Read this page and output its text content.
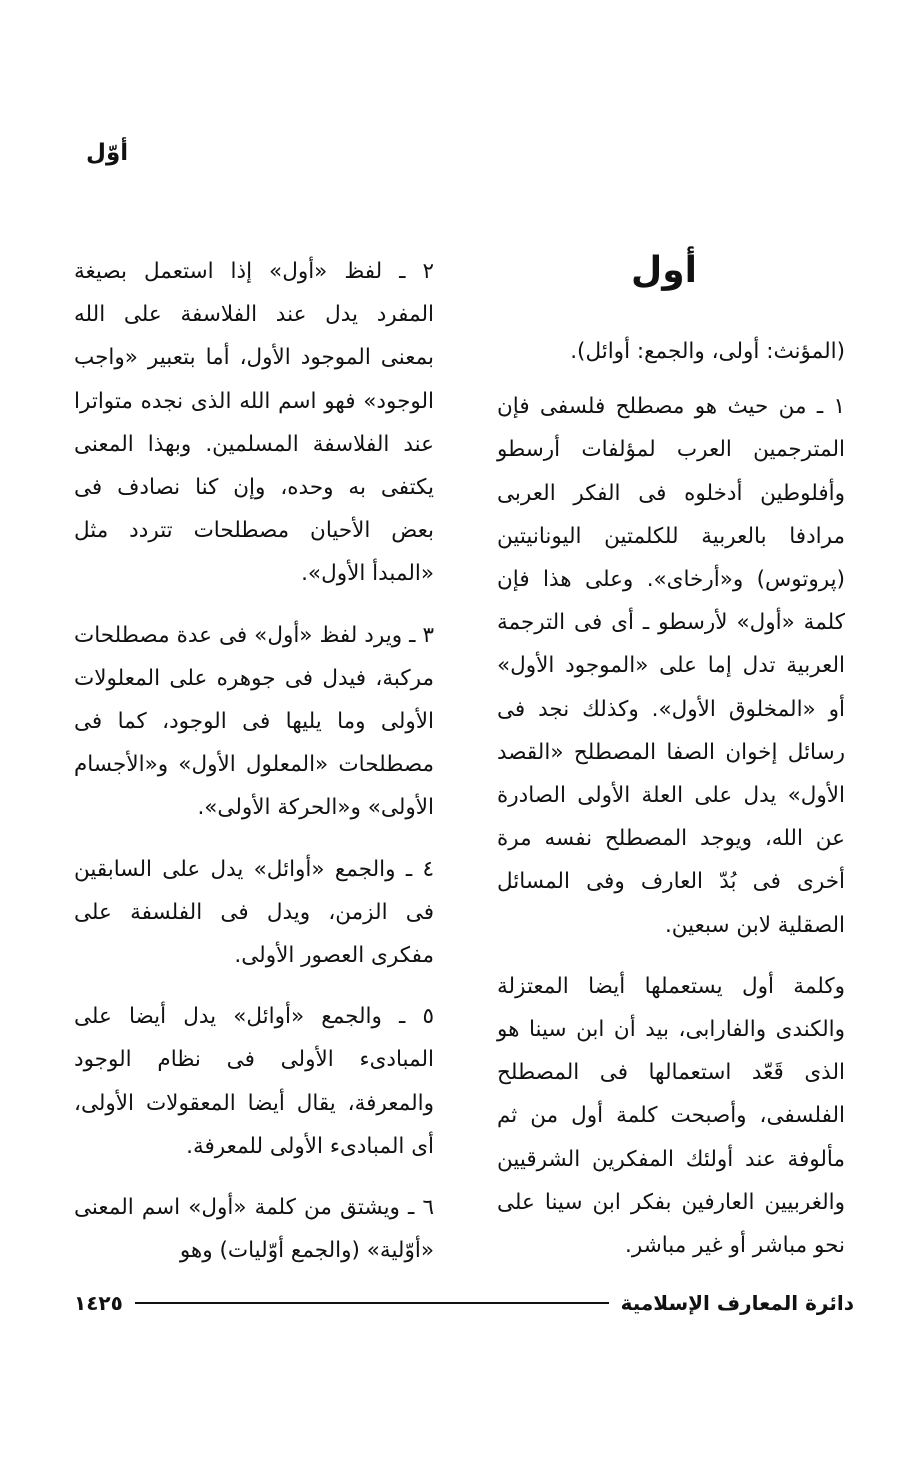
أوّل
أول

(المؤنث: أولى، والجمع: أوائل).

١ ـ من حيث هو مصطلح فلسفى فإن المترجمين العرب لمؤلفات أرسطو وأفلوطين أدخلوه فى الفكر العربى مرادفا بالعربية للكلمتين اليونانيتين (پروتوس) و«أرخاى». وعلى هذا فإن كلمة «أول» لأرسطو ـ أى فى الترجمة العربية تدل إما على «الموجود الأول» أو «المخلوق الأول». وكذلك نجد فى رسائل إخوان الصفا المصطلح «القصد الأول» يدل على العلة الأولى الصادرة عن الله، ويوجد المصطلح نفسه مرة أخرى فى بُدّ العارف وفى المسائل الصقلية لابن سبعين.

وكلمة أول يستعملها أيضا المعتزلة والكندى والفارابى، بيد أن ابن سينا هو الذى قَعّد استعمالها فى المصطلح الفلسفى، وأصبحت كلمة أول من ثم مألوفة عند أولئك المفكرين الشرقيين والغربيين العارفين بفكر ابن سينا على نحو مباشر أو غير مباشر.

٢ ـ لفظ «أول» إذا استعمل بصيغة المفرد يدل عند الفلاسفة على الله بمعنى الموجود الأول، أما بتعبير «واجب الوجود» فهو اسم الله الذى نجده متواترا عند الفلاسفة المسلمين. وبهذا المعنى يكتفى به وحده، وإن كنا نصادف فى بعض الأحيان مصطلحات تتردد مثل «المبدأ الأول».

٣ ـ ويرد لفظ «أول» فى عدة مصطلحات مركبة، فيدل فى جوهره على المعلولات الأولى وما يليها فى الوجود، كما فى مصطلحات «المعلول الأول» و«الأجسام الأولى» و«الحركة الأولى».

٤ ـ والجمع «أوائل» يدل على السابقين فى الزمن، ويدل فى الفلسفة على مفكرى العصور الأولى.

٥ ـ والجمع «أوائل» يدل أيضا على المبادىء الأولى فى نظام الوجود والمعرفة، يقال أيضا المعقولات الأولى، أى المبادىء الأولى للمعرفة.

٦ ـ ويشتق من كلمة «أول» اسم المعنى «أوّلية» (والجمع أوّليات) وهو

دائرة المعارف الإسلامية
١٤٢٥
